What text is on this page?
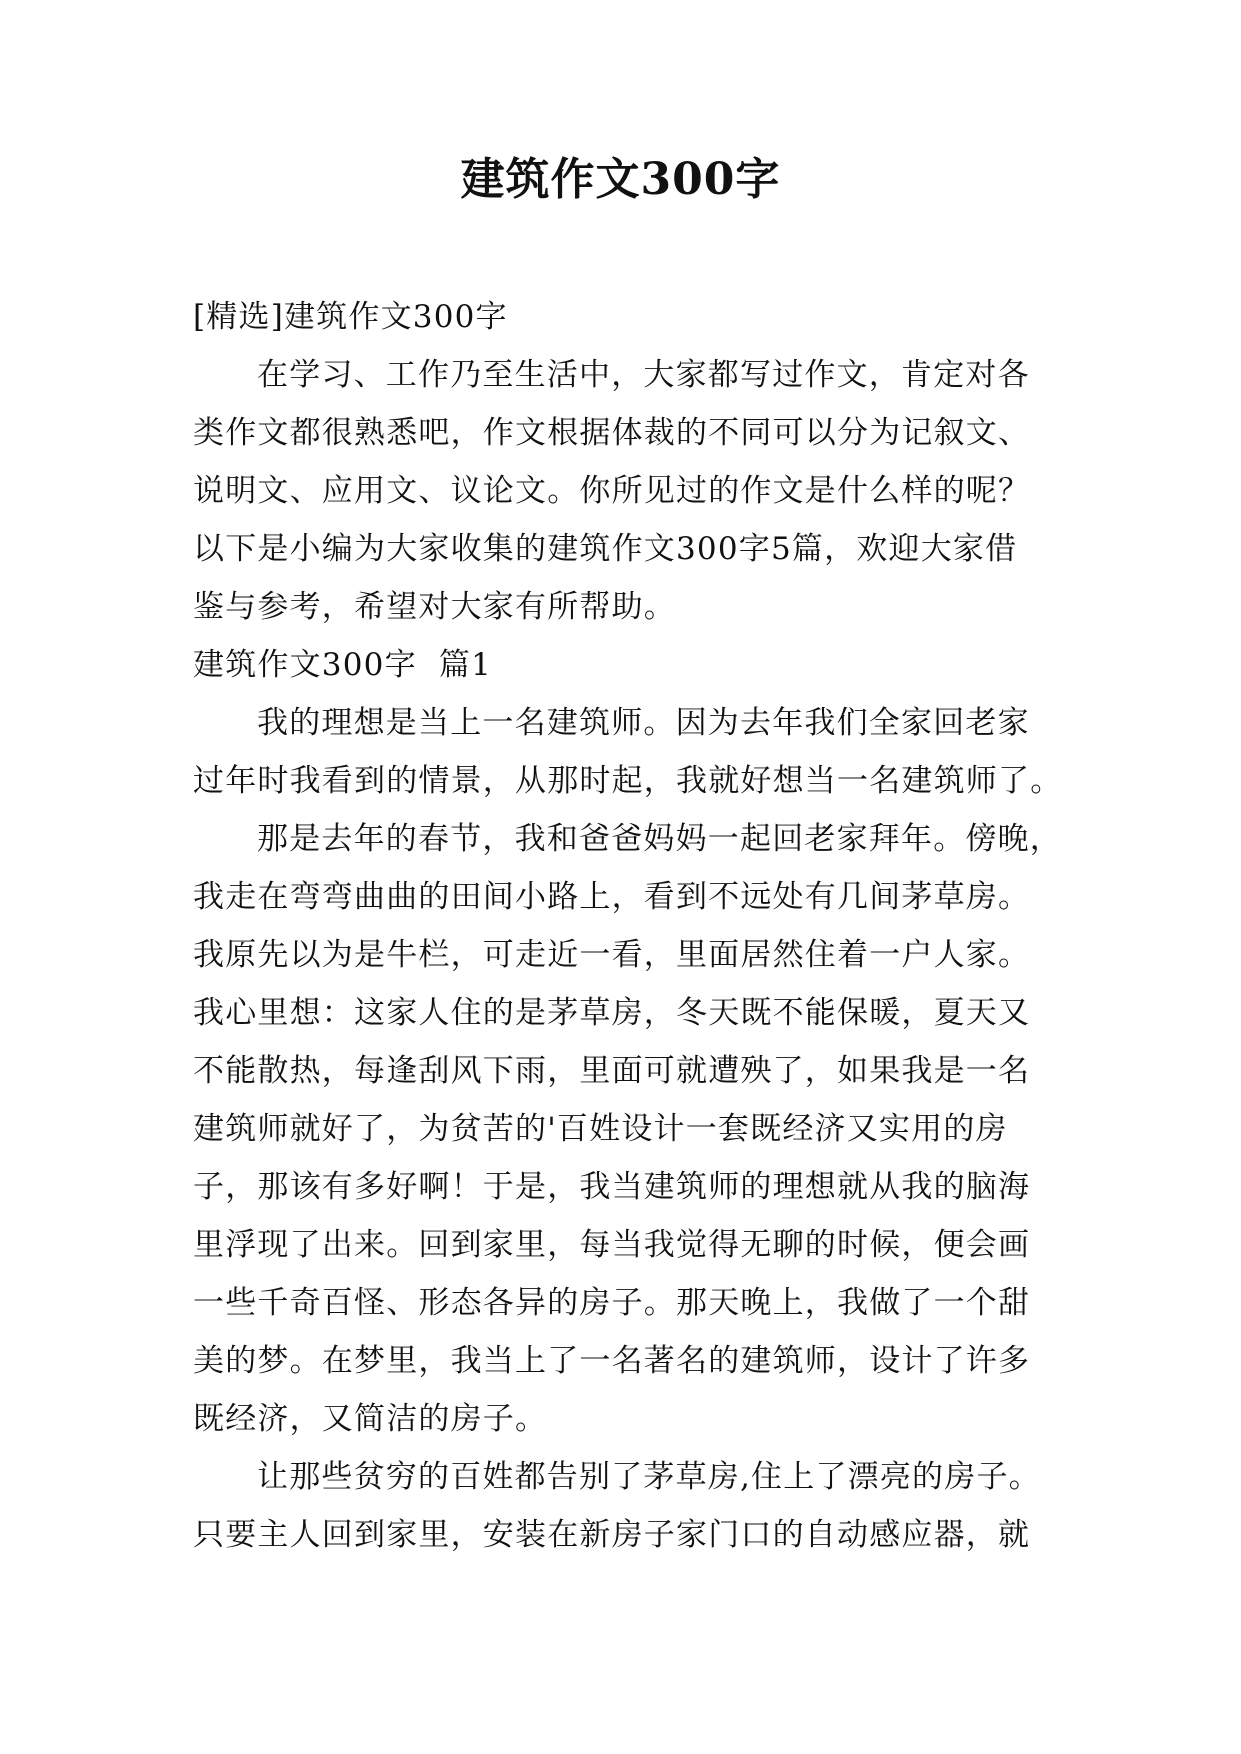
建筑作文300字
[精选]建筑作文300字
在学习、工作乃至生活中，大家都写过作文，肯定对各
类作文都很熟悉吧，作文根据体裁的不同可以分为记叙文、
说明文、应用文、议论文。你所见过的作文是什么样的呢？
以下是小编为大家收集的建筑作文300字5篇，欢迎大家借
鉴与参考，希望对大家有所帮助。
建筑作文300字  篇1
我的理想是当上一名建筑师。因为去年我们全家回老家
过年时我看到的情景，从那时起，我就好想当一名建筑师了。
那是去年的春节，我和爸爸妈妈一起回老家拜年。傍晚，
我走在弯弯曲曲的田间小路上，看到不远处有几间茅草房。
我原先以为是牛栏，可走近一看，里面居然住着一户人家。
我心里想：这家人住的是茅草房，冬天既不能保暖，夏天又
不能散热，每逢刮风下雨，里面可就遭殃了，如果我是一名
建筑师就好了，为贫苦的'百姓设计一套既经济又实用的房
子，那该有多好啊！于是，我当建筑师的理想就从我的脑海
里浮现了出来。回到家里，每当我觉得无聊的时候，便会画
一些千奇百怪、形态各异的房子。那天晚上，我做了一个甜
美的梦。在梦里，我当上了一名著名的建筑师，设计了许多
既经济，又简洁的房子。
让那些贫穷的百姓都告别了茅草房,住上了漂亮的房子。
只要主人回到家里，安装在新房子家门口的自动感应器，就
